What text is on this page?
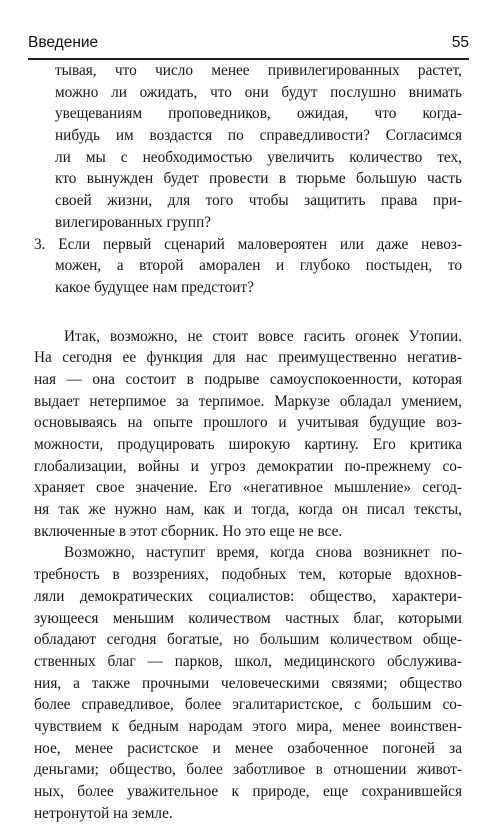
Введение	55
тывая, что число менее привилегированных растет,
можно ли ожидать, что они будут послушно внимать
увещеваниям проповедников, ожидая, что когда-
нибудь им воздастся по справедливости? Согласимся
ли мы с необходимостью увеличить количество тех,
кто вынужден будет провести в тюрьме большую часть
своей жизни, для того чтобы защитить права при-
вилегированных групп?
3. Если первый сценарий маловероятен или даже невоз-
можен, а второй аморален и глубоко постыден, то
какое будущее нам предстоит?
Итак, возможно, не стоит вовсе гасить огонек Утопии.
На сегодня ее функция для нас преимущественно негатив-
ная — она состоит в подрыве самоуспокоенности, которая
выдает нетерпимое за терпимое. Маркузе обладал умением,
основываясь на опыте прошлого и учитывая будущие воз-
можности, продуцировать широкую картину. Его критика
глобализации, войны и угроз демократии по-прежнему со-
храняет свое значение. Его «негативное мышление» сегод-
ня так же нужно нам, как и тогда, когда он писал тексты,
включенные в этот сборник. Но это еще не все.
Возможно, наступит время, когда снова возникнет по-
требность в воззрениях, подобных тем, которые вдохнов-
ляли демократических социалистов: общество, характери-
зующееся меньшим количеством частных благ, которыми
обладают сегодня богатые, но большим количеством обще-
ственных благ — парков, школ, медицинского обслужива-
ния, а также прочными человеческими связями; общество
более справедливое, более эгалитаристское, с большим со-
чувствием к бедным народам этого мира, менее воинствен-
ное, менее расистское и менее озабоченное погоней за
деньгами; общество, более заботливое в отношении живот-
ных, более уважительное к природе, еще сохранившейся
нетронутой на земле.
